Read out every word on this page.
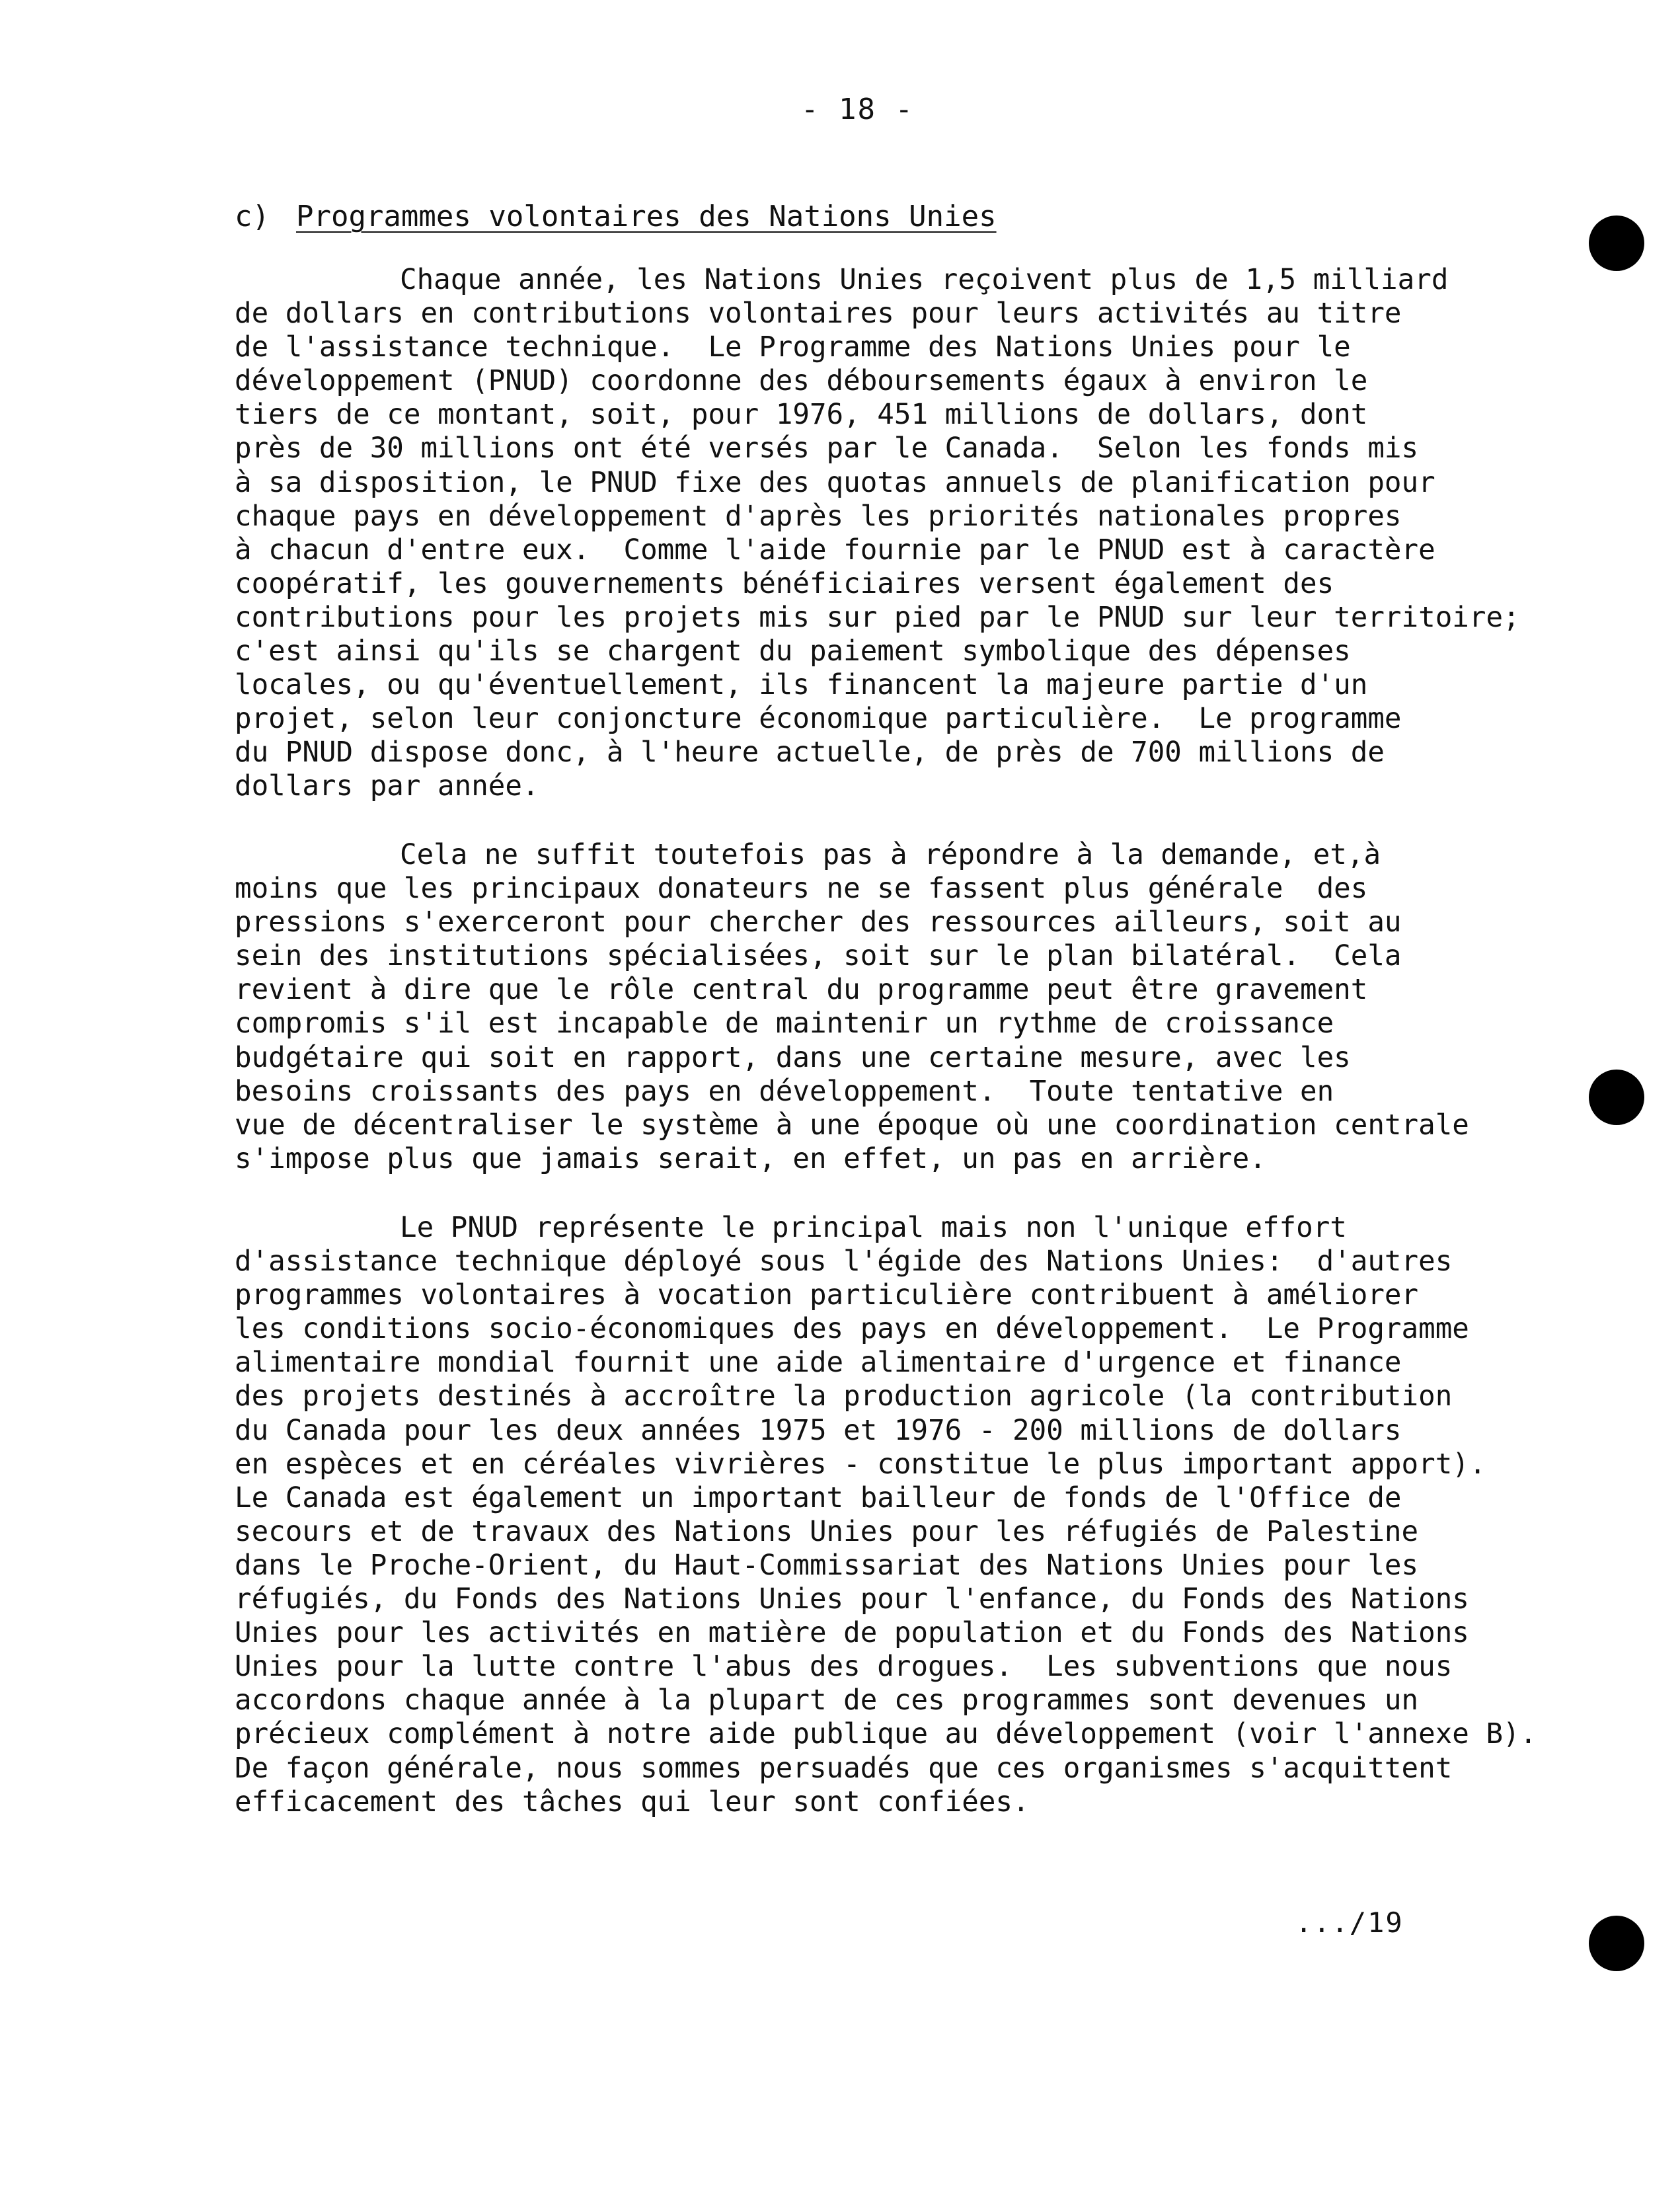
- 18 -
c) Programmes volontaires des Nations Unies
Chaque année, les Nations Unies reçoivent plus de 1,5 milliard
de dollars en contributions volontaires pour leurs activités au titre
de l'assistance technique.  Le Programme des Nations Unies pour le
développement (PNUD) coordonne des déboursements égaux à environ le
tiers de ce montant, soit, pour 1976, 451 millions de dollars, dont
près de 30 millions ont été versés par le Canada.  Selon les fonds mis
à sa disposition, le PNUD fixe des quotas annuels de planification pour
chaque pays en développement d'après les priorités nationales propres
à chacun d'entre eux.  Comme l'aide fournie par le PNUD est à caractère
coopératif, les gouvernements bénéficiaires versent également des
contributions pour les projets mis sur pied par le PNUD sur leur territoire;
c'est ainsi qu'ils se chargent du paiement symbolique des dépenses
locales, ou qu'éventuellement, ils financent la majeure partie d'un
projet, selon leur conjoncture économique particulière.  Le programme
du PNUD dispose donc, à l'heure actuelle, de près de 700 millions de
dollars par année.
Cela ne suffit toutefois pas à répondre à la demande, et,à
moins que les principaux donateurs ne se fassent plus générale  des
pressions s'exerceront pour chercher des ressources ailleurs, soit au
sein des institutions spécialisées, soit sur le plan bilatéral.  Cela
revient à dire que le rôle central du programme peut être gravement
compromis s'il est incapable de maintenir un rythme de croissance
budgétaire qui soit en rapport, dans une certaine mesure, avec les
besoins croissants des pays en développement.  Toute tentative en
vue de décentraliser le système à une époque où une coordination centrale
s'impose plus que jamais serait, en effet, un pas en arrière.
Le PNUD représente le principal mais non l'unique effort
d'assistance technique déployé sous l'égide des Nations Unies:  d'autres
programmes volontaires à vocation particulière contribuent à améliorer
les conditions socio-économiques des pays en développement.  Le Programme
alimentaire mondial fournit une aide alimentaire d'urgence et finance
des projets destinés à accroître la production agricole (la contribution
du Canada pour les deux années 1975 et 1976 - 200 millions de dollars
en espèces et en céréales vivrières - constitue le plus important apport).
Le Canada est également un important bailleur de fonds de l'Office de
secours et de travaux des Nations Unies pour les réfugiés de Palestine
dans le Proche-Orient, du Haut-Commissariat des Nations Unies pour les
réfugiés, du Fonds des Nations Unies pour l'enfance, du Fonds des Nations
Unies pour les activités en matière de population et du Fonds des Nations
Unies pour la lutte contre l'abus des drogues.  Les subventions que nous
accordons chaque année à la plupart de ces programmes sont devenues un
précieux complément à notre aide publique au développement (voir l'annexe B).
De façon générale, nous sommes persuadés que ces organismes s'acquittent
efficacement des tâches qui leur sont confiées.
.../19
